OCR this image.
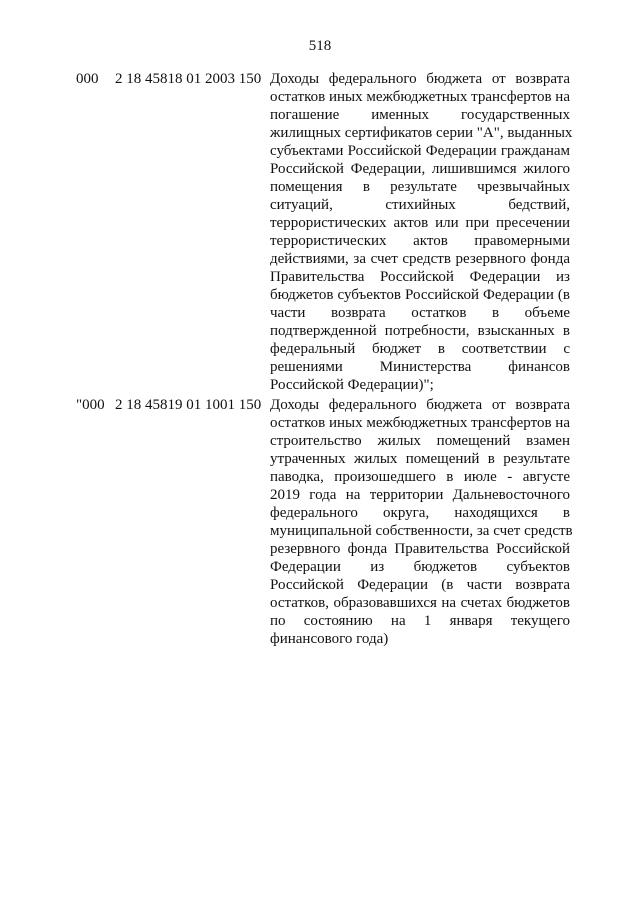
518
000 2 18 45818 01 2003 150 Доходы федерального бюджета от возврата
остатков иных межбюджетных трансфертов на
погашение именных государственных
жилищных сертификатов серии "А", выданных
субъектами Российской Федерации гражданам
Российской Федерации, лишившимся жилого
помещения в результате чрезвычайных
ситуаций, стихийных бедствий,
террористических актов или при пресечении
террористических актов правомерными
действиями, за счет средств резервного фонда
Правительства Российской Федерации из
бюджетов субъектов Российской Федерации (в
части возврата остатков в объеме
подтвержденной потребности, взысканных в
федеральный бюджет в соответствии с
решениями Министерства финансов
Российской Федерации)";
"000 2 18 45819 01 1001 150 Доходы федерального бюджета от возврата
остатков иных межбюджетных трансфертов на
строительство жилых помещений взамен
утраченных жилых помещений в результате
паводка, произошедшего в июле - августе
2019 года на территории Дальневосточного
федерального округа, находящихся в
муниципальной собственности, за счет средств
резервного фонда Правительства Российской
Федерации из бюджетов субъектов
Российской Федерации (в части возврата
остатков, образовавшихся на счетах бюджетов
по состоянию на 1 января текущего
финансового года)
